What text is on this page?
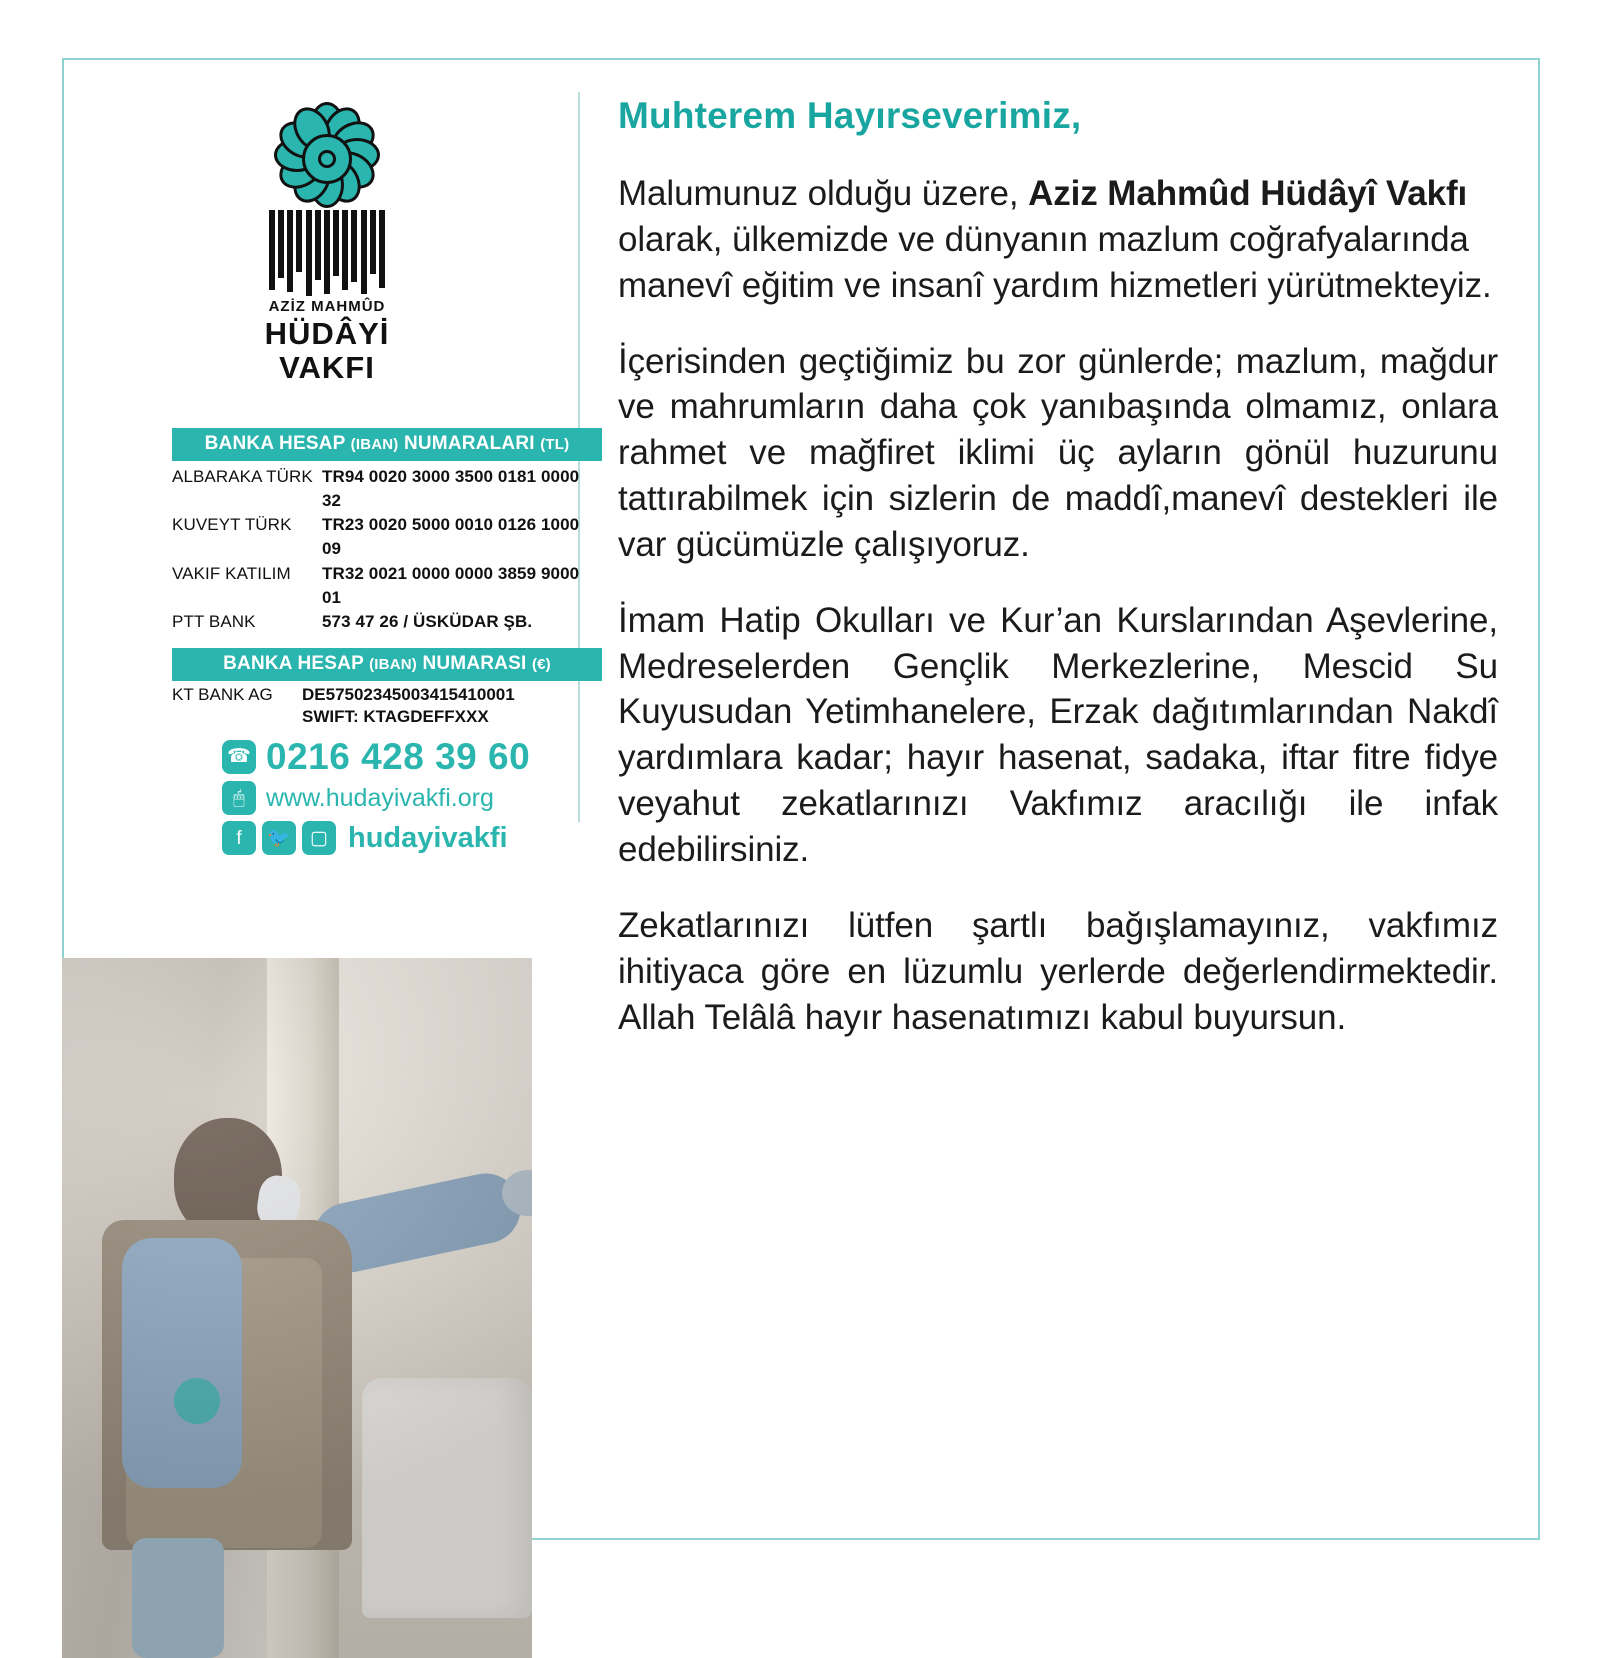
AZİZ MAHMÛD
HÜDÂYİ
VAKFI
BANKA HESAP (IBAN) NUMARALARI (TL)
ALBARAKA TÜRK TR94 0020 3000 3500 0181 0000 32
KUVEYT TÜRK	TR23 0020 5000 0010 0126 1000 09
VAKIF KATILIM	TR32 0021 0000 0000 3859 9000 01
PTT BANK	573 47 26 / ÜSKÜDAR ŞB.
BANKA HESAP (IBAN) NUMARASI (€)
KT BANK AG	DE57502345003415410001
SWIFT: KTAGDEFFXXX
☎ 0216 428 39 60
🖱 www.hudayivakfi.org
f	🐦	▢ hudayivakfi
Muhterem Hayırseverimiz,

Malumunuz olduğu üzere, Aziz Mahmûd Hüdâyî Vakfı olarak, ülkemizde ve dünyanın mazlum coğrafyalarında manevî eğitim ve insanî yardım hizmetleri yürütmekteyiz.

İçerisinden geçtiğimiz bu zor günlerde; mazlum, mağdur ve mahrumların daha çok yanıbaşında olmamız, onlara rahmet ve mağfiret iklimi üç ayların gönül huzurunu tattırabilmek için sizlerin de maddî,manevî destekleri ile var gücümüzle çalışıyoruz.

İmam Hatip Okulları ve Kur’an Kurslarından Aşevlerine, Medreselerden Gençlik Merkezlerine, Mescid Su Kuyusudan Yetimhanelere, Erzak dağıtımlarından Nakdî yardımlara kadar; hayır hasenat, sadaka, iftar fitre fidye veyahut zekatlarınızı Vakfımız aracılığı ile infak edebilirsiniz.

Zekatlarınızı lütfen şartlı bağışlamayınız, vakfımız ihitiyaca göre en lüzumlu yerlerde değerlendirmektedir. Allah Telâlâ hayır hasenatımızı kabul buyursun.
